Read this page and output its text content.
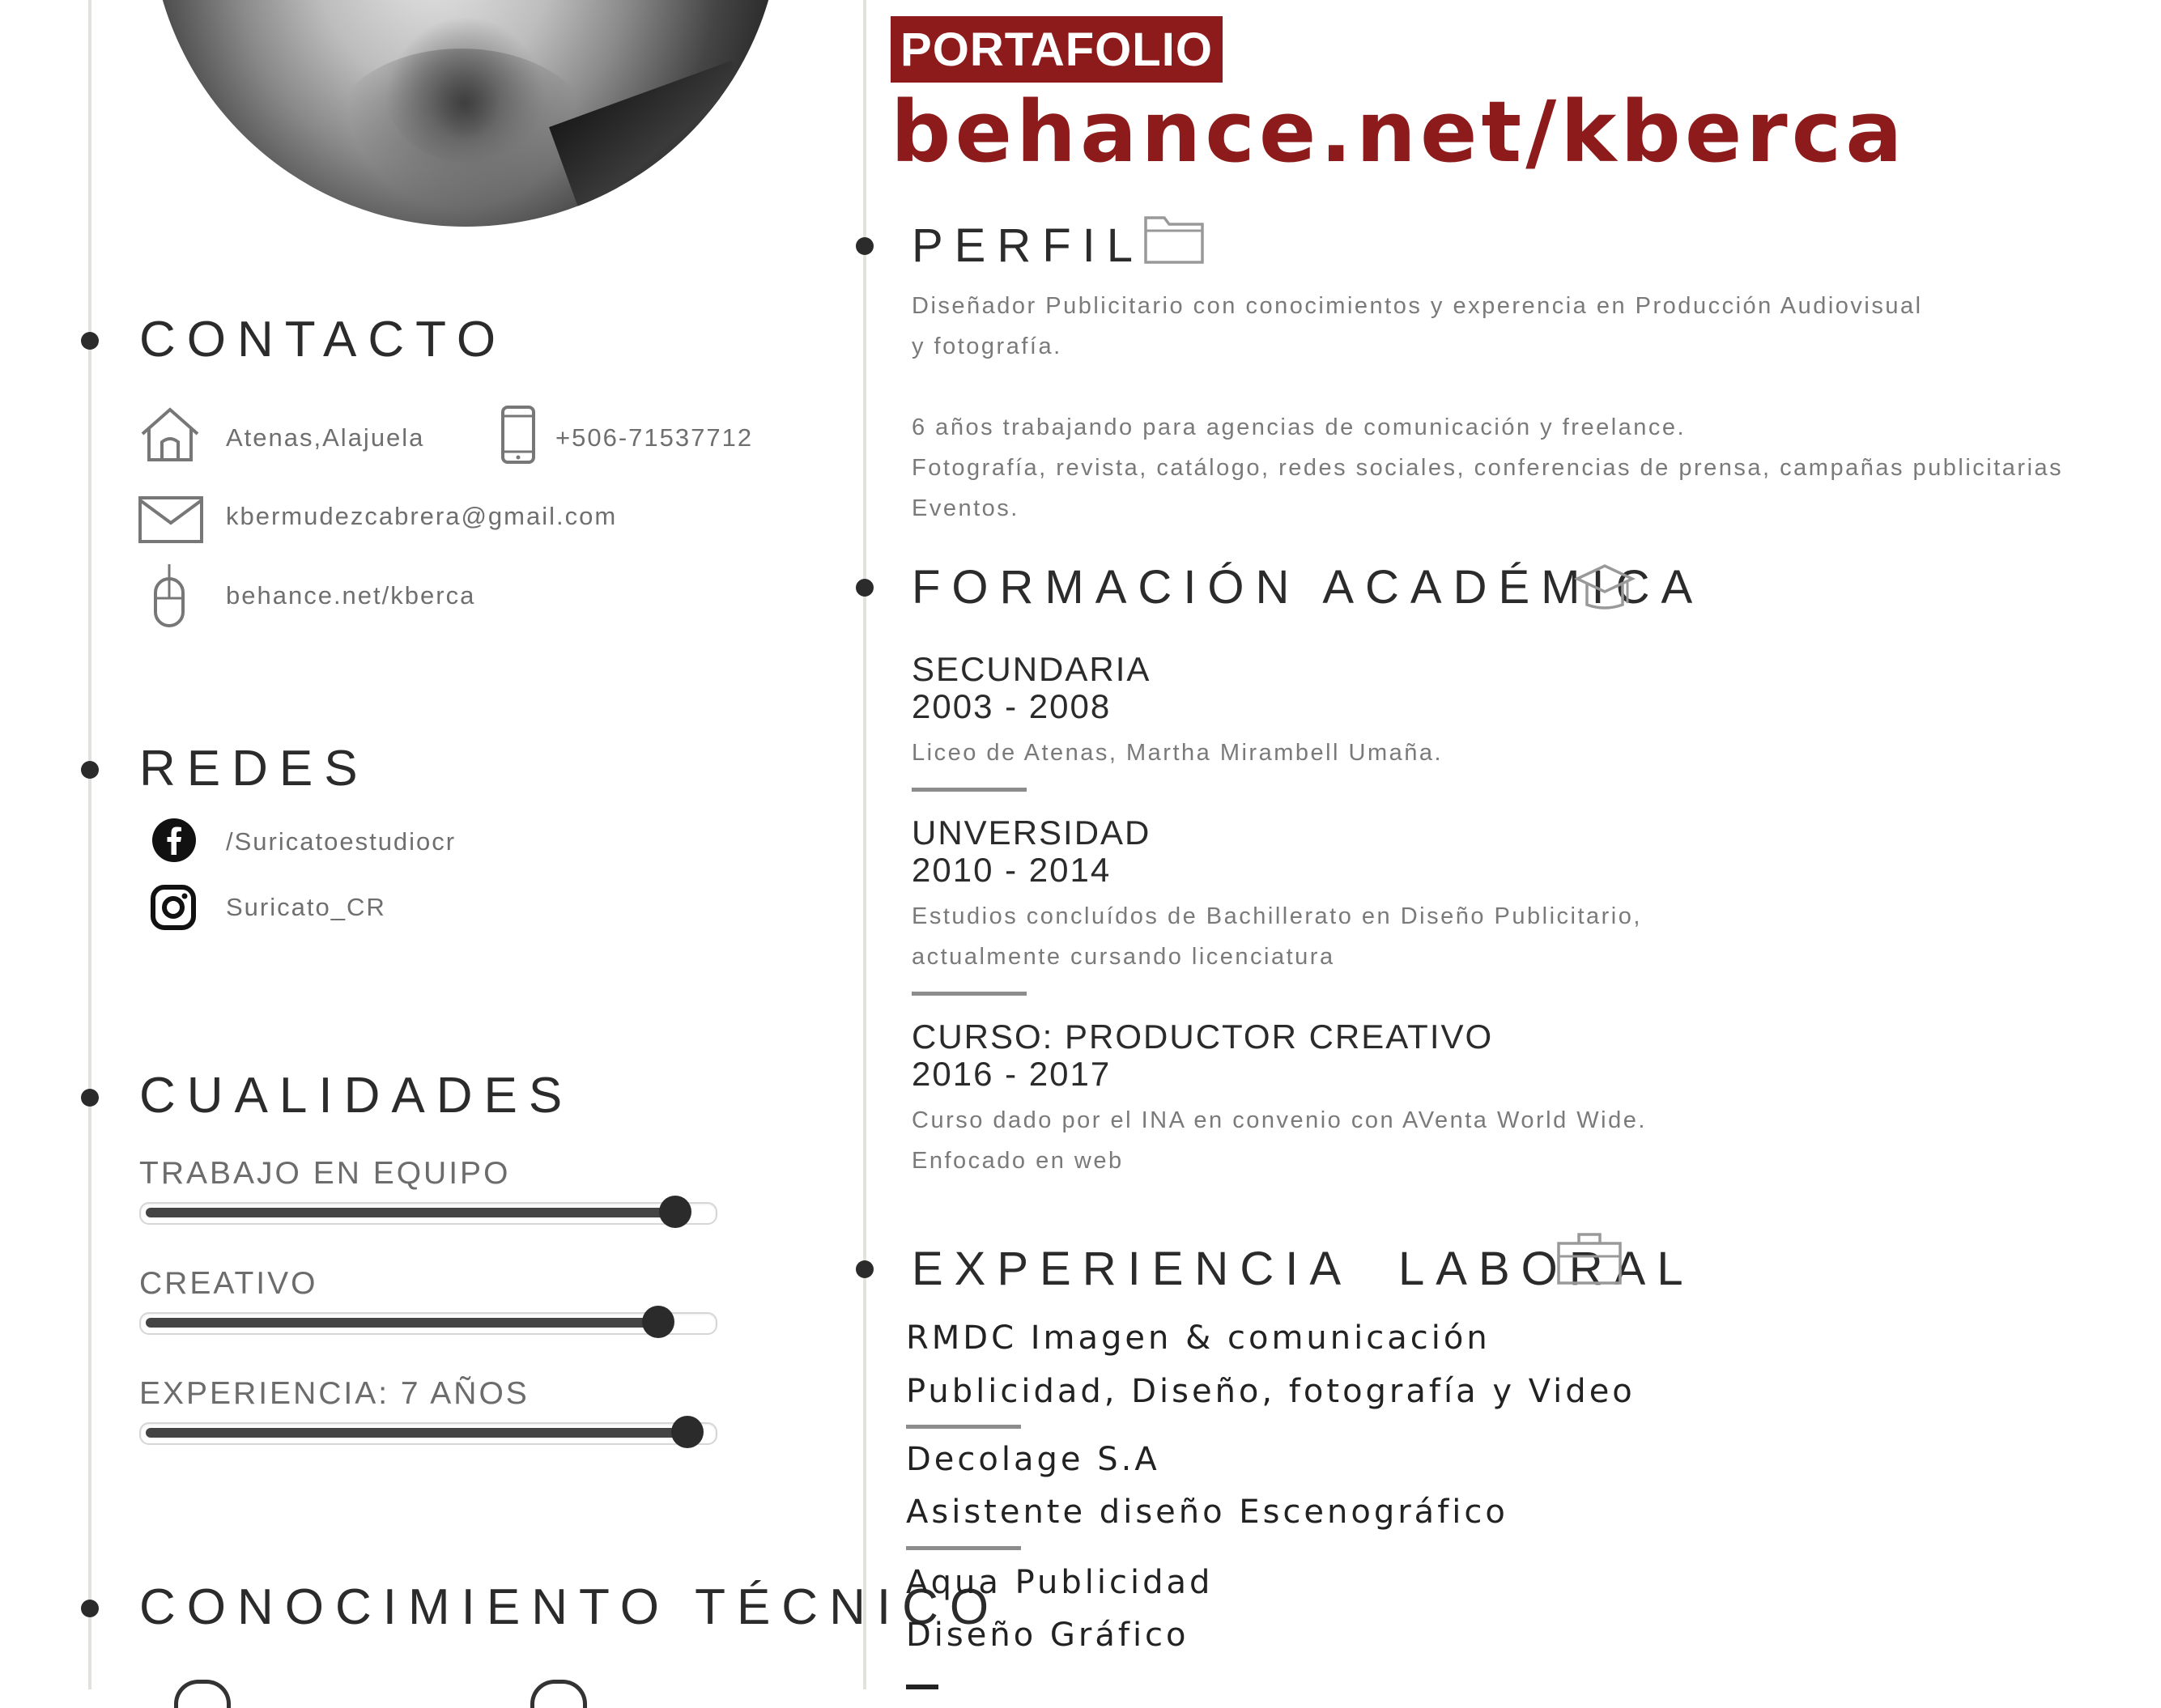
PORTAFOLIO
behance.net/kberca
CONTACTO
Atenas,Alajuela	+506-71537712
kbermudezcabrera@gmail.com
behance.net/kberca
REDES
/Suricatoestudiocr
Suricato_CR
CUALIDADES
TRABAJO EN EQUIPO
CREATIVO
EXPERIENCIA: 7 AÑOS
CONOCIMIENTO TÉCNICO
PERFIL
Diseñador Publicitario con conocimientos y experencia en Producción Audiovisual
y fotografía.
6 años trabajando para agencias de comunicación y freelance.
Fotografía, revista, catálogo, redes sociales, conferencias de prensa, campañas publicitarias
Eventos.
FORMACIÓN ACADÉMICA
SECUNDARIA
2003 - 2008
Liceo de Atenas, Martha Mirambell Umaña.
UNVERSIDAD
2010 - 2014
Estudios concluídos de Bachillerato en Diseño Publicitario,
actualmente cursando licenciatura
CURSO: PRODUCTOR CREATIVO
2016 - 2017
Curso dado por el INA en convenio con AVenta World Wide.
Enfocado en web
EXPERIENCIA  LABORAL
RMDC Imagen & comunicación
Publicidad, Diseño, fotografía y Video
Decolage S.A
Asistente diseño Escenográfico
Aqua Publicidad
Diseño Gráfico
